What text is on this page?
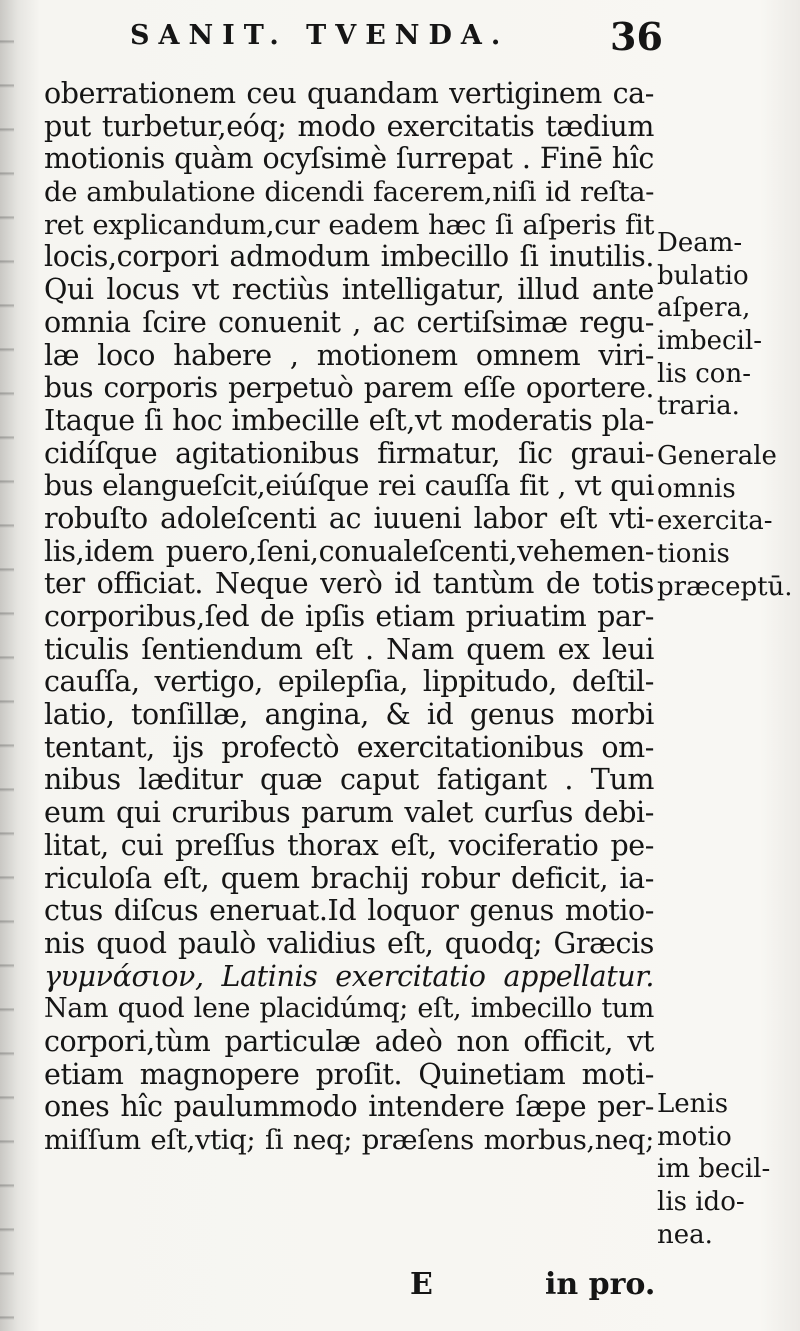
SANIT. TVENDA.	36
oberrationem ceu quandam vertiginem ca-
put turbetur,eóq; modo exercitatis tædium
motionis quàm ocyſsimè ſurrepat . Finē hîc
de ambulatione dicendi facerem,niſi id reſta-
ret explicandum,cur eadem hæc ſi aſperis fit
locis,corpori admodum imbecillo ſi inutilis.
Qui locus vt rectiùs intelligatur, illud ante
omnia ſcire conuenit , ac certiſsimæ regu-
læ loco habere , motionem omnem viri-
bus corporis perpetuò parem eſſe oportere.
Itaque ſi hoc imbecille eſt,vt moderatis pla-
cidíſque agitationibus firmatur, ſic graui-
bus elangueſcit,eiúſque rei cauſſa fit , vt qui
robuſto adoleſcenti ac iuueni labor eſt vti-
lis,idem puero,ſeni,conualeſcenti,vehemen-
ter officiat. Neque verò id tantùm de totis
corporibus,ſed de ipſis etiam priuatim par-
ticulis ſentiendum eſt . Nam quem ex leui
cauſſa, vertigo, epilepſia, lippitudo, deſtil-
latio, tonſillæ, angina, & id genus morbi
tentant, ijs profectò exercitationibus om-
nibus læditur quæ caput fatigant . Tum
eum qui cruribus parum valet curſus debi-
litat, cui preſſus thorax eſt, vociferatio pe-
riculoſa eſt, quem brachij robur deficit, ia-
ctus diſcus eneruat.Id loquor genus motio-
nis quod paulò validius eſt, quodq; Græcis
γυμνάσιον, Latinis exercitatio appellatur.
Nam quod lene placidúmq; eſt, imbecillo tum
corpori,tùm particulæ adeò non officit, vt
etiam magnopere proſit. Quinetiam moti-
ones hîc paulummodo intendere ſæpe per-
miſſum eſt,vtiq; ſi neq; præſens morbus,neq;
Deam-
bulatio
aſpera,
imbecil-
lis con-
traria.
Generale
omnis
exercita-
tionis
præceptū.
Lenis
motio
im becil-
lis ido-
nea.
E	in pro.
